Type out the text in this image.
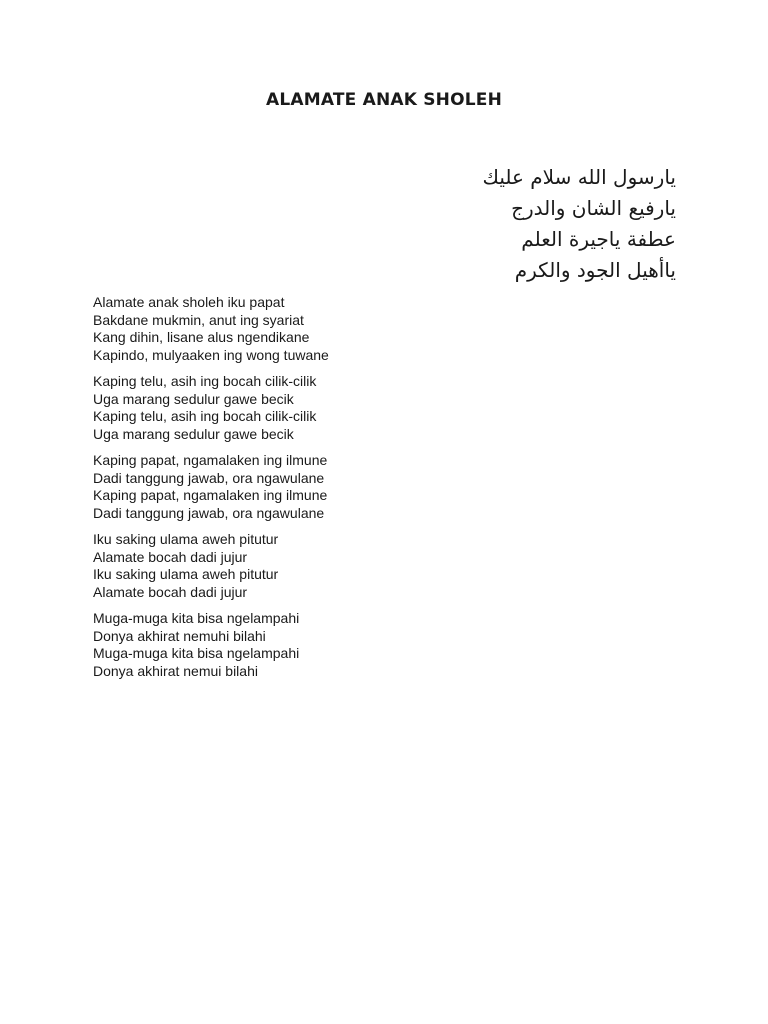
ALAMATE ANAK SHOLEH
يارسول الله سلام عليك
يارفيع الشان والدرج
عطفة ياجيرة العلم
ياأهيل الجود والكرم
Alamate anak sholeh iku papat
Bakdane mukmin, anut ing syariat
Kang dihin, lisane alus ngendikane
Kapindo, mulyaaken ing wong tuwane
Kaping telu, asih ing bocah cilik-cilik
Uga marang sedulur gawe becik
Kaping telu, asih ing bocah cilik-cilik
Uga marang sedulur gawe becik
Kaping papat, ngamalaken ing ilmune
Dadi tanggung jawab, ora ngawulane
Kaping papat, ngamalaken ing ilmune
Dadi tanggung jawab, ora ngawulane
Iku saking ulama aweh pitutur
Alamate bocah dadi jujur
Iku saking ulama aweh pitutur
Alamate bocah dadi jujur
Muga-muga kita bisa ngelampahi
Donya akhirat nemuhi bilahi
Muga-muga kita bisa ngelampahi
Donya akhirat nemui bilahi
